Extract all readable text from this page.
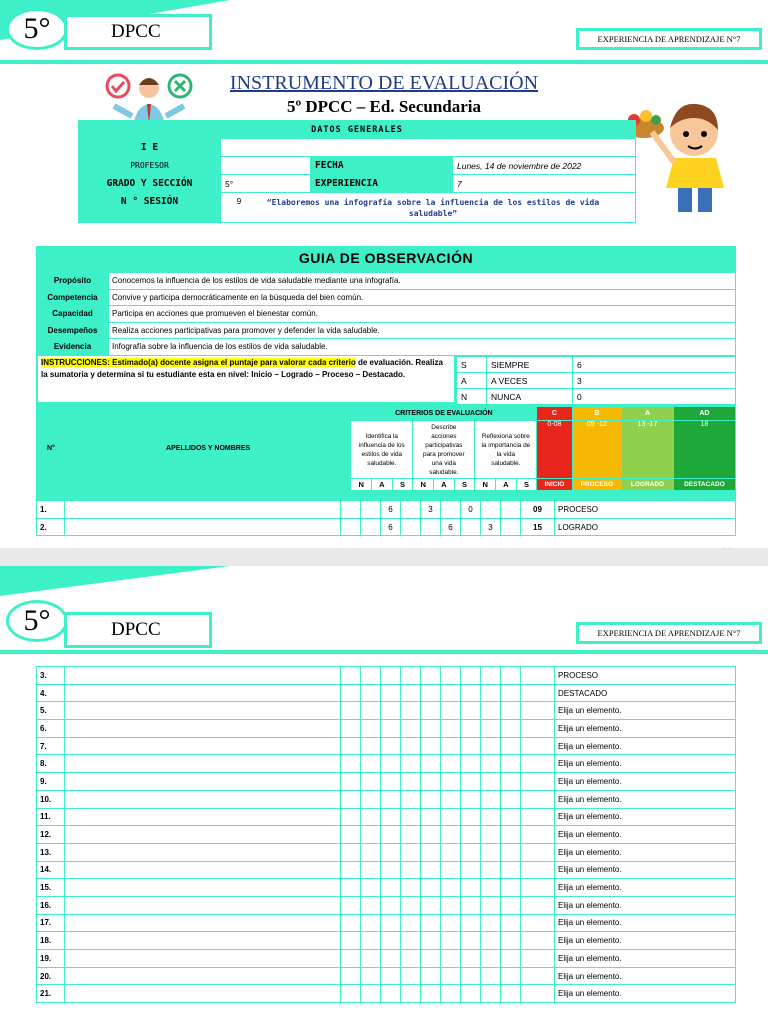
5°	DPCC	EXPERIENCIA DE APRENDIZAJE N°7
INSTRUMENTO DE EVALUACIÓN
5º DPCC – Ed. Secundaria
DATOS GENERALES			
I E			
PROFESOR		FECHA	Lunes, 14 de noviembre de 2022
GRADO Y SECCIÓN	5°	EXPERIENCIA	7
N ° SESIÓN	9 “Elaboremos una infografía sobre la influencia de los estilos de vida saludable”		
GUIA DE OBSERVACIÓN
Propósito	Conocemos la influencia de los estilos de vida saludable mediante una infografía.
Competencia	Convive y participa democráticamente en la búsqueda del bien común.
Capacidad	Participa en acciones que promueven el bienestar común.
Desempeños	Realiza acciones participativas para promover y defender la vida saludable.
Evidencia	Infografía sobre la influencia de los estilos de vida saludable.
INSTRUCCIONES: Estimado(a) docente asigna el puntaje para valorar cada criterio de evaluación. Realiza la sumatoria y determina si tu estudiante esta en nivel: Inicio – Logrado – Proceso – Destacado.
S	SIEMPRE	6
A	A VECES	3
N	NUNCA	0
N°	APELLIDOS Y NOMBRES	CRITERIOS DE EVALUACIÓN									C	B	A	AD
		Identifica la influencia de los estilos de vida saludable.			Describe acciones participativas para promover una vida saludable.			Reflexiona sobre la importancia de la vida saludable.			0-08	09 -12	13 -17	18
		N	A	S	N	A	S	N	A	S	INICIO	PROCESO	LOGRADO	DESTACADO
1.				6		3		0			09	PROCESO
2.				6			6		3		15	LOGRADO
5°	DPCC	EXPERIENCIA DE APRENDIZAJE N°7
3.												PROCESO
4.												DESTACADO
5.												Elija un elemento.
6.												Elija un elemento.
7.												Elija un elemento.
8.												Elija un elemento.
9.												Elija un elemento.
10.												Elija un elemento.
11.												Elija un elemento.
12.												Elija un elemento.
13.												Elija un elemento.
14.												Elija un elemento.
15.												Elija un elemento.
16.												Elija un elemento.
17.												Elija un elemento.
18.												Elija un elemento.
19.												Elija un elemento.
20.												Elija un elemento.
21.												Elija un elemento.
